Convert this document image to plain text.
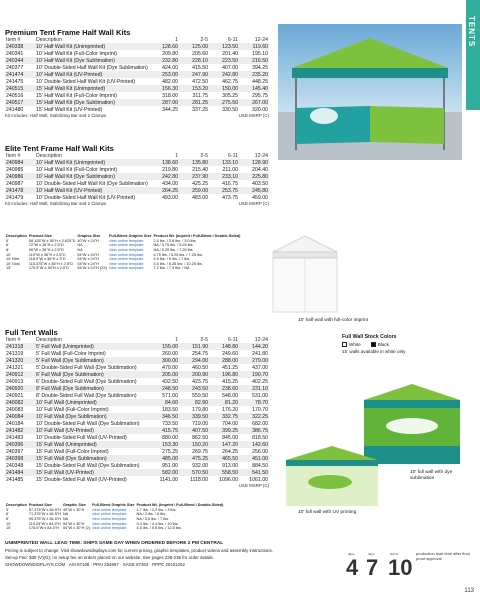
TENTS
Premium Tent Frame Half Wall Kits
Item #	Description	1	2-5	6-11	12-24
240338	10' Half Wall Kit (Unimprinted)	128.60	125.00	123.50	119.60
240341	10' Half Wall Kit (Full-Color Imprint)	209.80	205.60	201.40	195.10
240344	10' Half Wall Kit (Dye Sublimation)	232.80	228.10	223.50	216.50
240377	10' Double-Sided Half Wall Kit (Dye Sublimation)	424.00	415.50	407.00	394.25
241474	10' Half Wall Kit (UV-Printed)	253.00	247.90	242.80	235.20
241475	10' Double-Sided Half Wall Kit (UV-Printed)	482.00	472.50	462.75	448.25
240515	15' Half Wall Kit (Unimprinted)	156.30	153.20	150.00	145.40
240516	15' Half Wall Kit (Full-Color Imprint)	318.00	311.75	305.25	295.75
240517	15' Half Wall Kit (Dye Sublimation)	287.00	281.25	275.50	267.00
241480	15' Half Wall Kit (UV-Printed)	344.25	337.25	330.50	320.00
Kit includes: Half Wall, Stabilizing Bar and 2 Clamps	USD MSRP (C)
Elite Tent Frame Half Wall Kits
Item #	Description	1	2-5	6-11	12-24
240984	10' Half Wall Kit (Unimprinted)	138.60	135.80	133.10	128.90
240985	10' Half Wall Kit (Full-Color Imprint)	219.80	215.40	211.00	204.40
240986	10' Half Wall Kit (Dye Sublimation)	242.80	237.90	233.10	225.80
240987	10' Double-Sided Half Wall Kit (Dye Sublimation)	434.00	425.25	416.75	403.50
241478	10' Half Wall Kit (UV-Printed)	264.25	259.00	253.75	245.80
241479	10' Double-Sided Half Wall Kit (UV-Printed)	493.00	483.00	473.75	459.00
Kit includes: Half Wall, Stabilizing Bar and 2 Clamps	USD MSRP (C)
Description	Product Size	Graphic Size	Full-Bleed Graphic Size	Product Wt. (Imprint / Full-Bleed / Double-Sided)
5'	58.125"W x 36"H x 2.625"D	40"W x 24"H	view online template	2.4 lbs. / 2.6 lbs. / 3.0 lbs.
6'	72"W x 36"H x 2.5"D	NA	view online template	NA / 3.75 lbs. / 5.25 lbs.
8'	96"W x 36"H x 2.5"D	NA	view online template	NA / 5.25 lbs. / 7.25 lbs.
10'	119"W x 36"H x 2.5"D	54"W x 24"H	view online template	4.75 lbs. / 5.25 lbs. / 7.25 lbs.
10' Elite	118.5"W x 36"H x 3"D	54"W x 24"H	view online template	4.5 lbs. / 5 lbs. / 7 lbs.
10' Octo	115.375"W x 36"H x 2.5"D	54"W x 24"H	view online template	4.5 lbs. / 6.25 lbs. / 10.25 lbs.
15'	170.5"W x 36"H x 2.5"D	54"W x 24"H (2X)	view online template	7.2 lbs. / 7.9 lbs. / NA
10' half wall with full-color imprint
Full Tent Walls
Item #	Description	1	2-5	6-11	12-24
241318	5' Full Wall (Unimprinted)	155.00	151.90	148.80	144.20
241319	5' Full Wall (Full-Color Imprint)	260.00	254.75	249.60	241.80
241320	5' Full Wall (Dye Sublimation)	300.00	294.00	288.00	279.00
241321	5' Double-Sided Full Wall (Dye Sublimation)	470.00	460.50	451.25	437.00
240912	6' Full Wall (Dye Sublimation)	205.00	200.90	196.80	190.70
240913	6' Double-Sided Full Wall (Dye Sublimation)	432.50	423.75	415.25	402.25
240920	8' Full Wall (Dye Sublimation)	248.50	243.50	238.60	231.10
240921	8' Double-Sided Full Wall (Dye Sublimation)	571.00	559.50	548.00	531.00
240082	10' Full Wall (Unimprinted)	84.60	82.90	81.20	78.70
240083	10' Full Wall (Full-Color Imprint)	183.50	179.80	176.20	170.70
240084	10' Full Wall (Dye Sublimation)	346.50	339.50	332.75	322.25
240184	10' Double-Sided Full Wall (Dye Sublimation)	733.50	719.00	704.00	682.00
241482	10' Full Wall (UV-Printed)	415.75	407.50	399.25	386.75
241483	10' Double-Sided Full Wall (UV-Printed)	880.00	862.50	845.00	818.50
240396	15' Full Wall (Unimprinted)	153.30	150.20	147.20	142.60
240397	15' Full Wall (Full-Color Imprint)	275.25	269.75	264.25	256.00
240398	15' Full Wall (Dye Sublimation)	485.00	475.25	465.50	451.00
240348	15' Double-Sided Full Wall (Dye Sublimation)	951.00	932.00	913.00	884.50
241484	15' Full Wall (UV-Printed)	582.00	570.50	558.50	541.50
241485	15' Double-Sided Full Wall (UV-Printed)	1141.00	1118.00	1096.00	1061.00
USD MSRP (C)
Description	Product Size	Graphic Size	Full-Bleed Graphic Size	Product Wt. (Imprint / Full-Bleed / Double-Sided)
5'	57.375"W x 84.5"H	40"W x 30"H	view online template	1.7 lbs. / 2.2 lbs. / 3 lbs.
6'	71.375"W x 84.5"H	NA	view online template	NA / 3 lbs. / 6 lbs.
8'	95.375"W x 84.5"H	NA	view online template	NA / 3.5 lbs. / 7 lbs.
10'	119.25"W x 84.5"H	54"W x 30"H	view online template	3.4 lbs. / 4.4 lbs. / 10 lbs.
15'	176.5"W x 84.5"H	54"W x 30"H (2)	view online template	4.5 lbs. / 5.5 lbs. / 12.5 lbs.
Full Wall Stock Colors
White	Black
15' walls available in white only
10' full wall with dye sublimation
10' full wall with UV printing
UNIMPRINTED WALL LEAD TIME: SHIPS SAME DAY WHEN ORDERED BEFORE 2 PM CENTRAL
Pricing is subject to change. Visit showdowndisplays.com for current pricing, graphic templates, product videos and assembly instructions.
Set-up Fee: $30 (V)(G); no setup fee on orders placed on our website. See pages 238-239 for order details.
SHOWDOWNDISPLAYS.COM · ASI 87108 · PPAI 254667 · SAGE 67263 · PPPC 20101202
days
4
days
7
DAYS
10
production lead time after final proof approval
113
